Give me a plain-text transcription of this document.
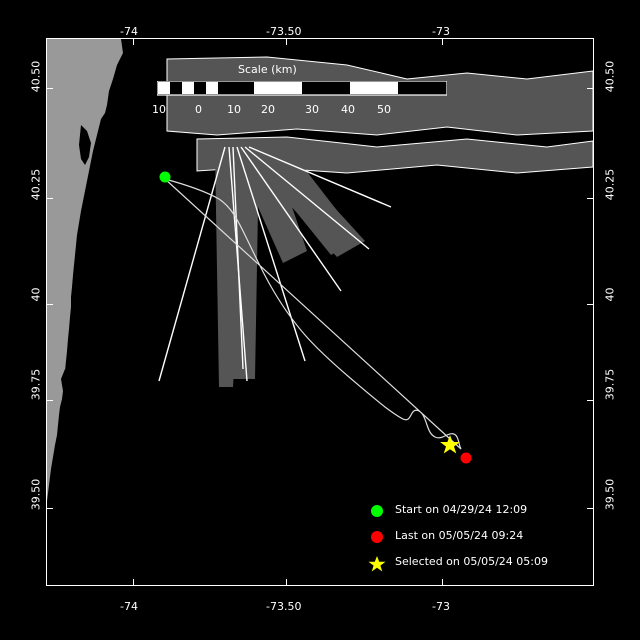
-74	-73.50	-73
-74	-73.50	-73
40.50
40.25
40
39.75
39.50
40.50
40.25
40
39.75
39.50
Scale (km)
10	0 10 20	30 40 50
Start on 04/29/24 12:09
Last on 05/05/24 09:24
Selected on 05/05/24 05:09
